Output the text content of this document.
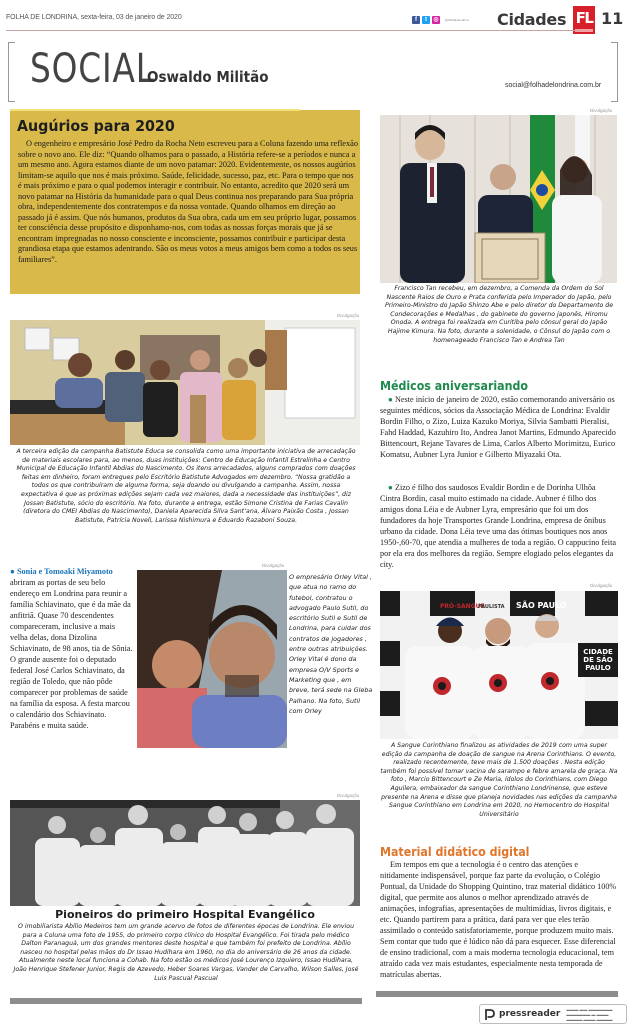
FOLHA DE LONDRINA, sexta-feira, 03 de janeiro de 2020	f	t	◎	@folhadelondrina Cidades FL 11
SOCIAL
Oswaldo Militão	social@folhadelondrina.com.br
Augúrios para 2020
O engenheiro e empresário José Pedro da Rocha Neto escreveu para a Coluna fazendo uma reflexão sobre o novo ano. Ele diz: “Quando olhamos para o passado, a História refere-se a períodos e nunca a um mesmo ano. Agora estamos diante de um novo patamar: 2020. Evidentemente, os nossos augúrios limitam-se aquilo que nos é mais próximo. Saúde, felicidade, sucesso, paz, etc. Para o tempo que nos é mais próximo e para o qual podemos interagir e contribuir. No entanto, acredito que 2020 será um novo patamar na História da humanidade para o qual Deus continua nos preparando para Sua própria obra, independentemente dos contratempos e da nossa vontade. Quando olhamos em direção ao passado já é assim. Que nós humanos, produtos da Sua obra, cada um em seu próprio lugar, possamos ter consciência desse propósito e disponhamo-nos, com todas as nossas forças morais que já se encontram impregnadas no nosso consciente e inconsciente, possamos contribuir e participar desta grandiosa etapa que estamos adentrando. São os meus votos a meus amigos bem como a todos os seus familiares”.
Divulgação
A terceira edição da campanha Batistute Educa se consolida como uma importante iniciativa de arrecadação de materiais escolares para, ao menos, duas instituições: Centro de Educação Infantil Estrelinha e Centro Municipal de Educação Infantil Abdias do Nascimento. Os itens arrecadados, alguns comprados com doações feitas em dinheiro, foram entregues pelo Escritório Batistute Advogados em dezembro. “Nossa gratidão a todos os que contribuíram de alguma forma, seja doando ou divulgando a campanha. Assim, nossa expectativa é que as próximas edições sejam cada vez maiores, dada a necessidade das instituições”, diz Jossan Batistute, sócio do escritório. Na foto, durante a entrega, estão Simone Cristina de Farias Cavalin (diretora do CMEI Abdias do Nascimento), Daniela Aparecida Silva Sant’ana, Álvaro Paixão Costa , Jossan Batistute, Patrícia Noveli, Larissa Nishimura e Eduardo Razaboni Souza.
● Sonia e Tomoaki Miyamoto abriram as portas de seu belo endereço em Londrina para reunir a família Schiavinato, que é da mãe da anfitriã. Quase 70 descendentes compareceram, inclusive a mais velha delas, dona Dizolina Schiavinato, de 98 anos, tia de Sônia. O grande ausente foi o deputado federal José Carlos Schiavinato, da região de Toledo, que não pôde comparecer por problemas de saúde na família da esposa. A festa marcou o calendário dos Schiavinato. Parabéns e muita saúde.
Divulgação
O empresário Orley Vital , que atua no ramo do futebol, contratou o advogado Paulo Sutil, do escritório Sutil e Sutil de Londrina, para cuidar dos contratos de jogadores , entre outras atribuições. Orley Vital é dono da empresa O/V Sports e Marketing que , em breve, terá sede na Gleba Palhano. Na foto, Sutil com Orley
Divulgação
Pioneiros do primeiro Hospital Evangélico
O imobiliarista Abílio Medeiros tem um grande acervo de fotos de diferentes épocas de Londrina. Ele enviou para a Coluna uma foto de 1955, do primeiro corpo clínico do Hospital Evangélico. Foi tirada pelo médico Dalton Paranaguá, um dos grandes mentores deste hospital e que também foi prefeito de Londrina. Abílio nasceu no hospital pelas mãos do Dr Issao Hudihara em 1960, no dia do aniversário de 26 anos da cidade. Atualmente neste local funciona a Cohab. Na foto estão os médicos José Lourenço Izquiero, Issao Hudihara, João Henrique Stefener Junior, Regis de Azevedo, Heber Soares Vargas, Vander de Carvalho, Wilson Salles, José Luis Pascual Pascual
Divulgação
Francisco Tan recebeu, em dezembro, a Comenda da Ordem do Sol Nascente Raios de Ouro e Prata conferida pelo Imperador do Japão, pelo Primeiro-Ministro do Japão Shinzo Abe e pelo diretor do Departamento de Condecorações e Medalhas , do gabinete do governo japonês, Hiromu Onoda. A entrega foi realizada em Curitiba pelo cônsul geral do Japão Hajime Kimura. Na foto, durante a solenidade, o Cônsul do Japão com o homenageado Francisco Tan e Andrea Tan
Médicos aniversariando
● Neste início de janeiro de 2020, estão comemorando aniversário os seguintes médicos, sócios da Associação Médica de Londrina: Evaldir Bordin Filho, o Zizo, Luiza Kazuko Moriya, Silvia Sambatti Pieralisi, Fahd Haddad, Kazuhiro Ito, Andrea Janot Martins, Edmundo Aparecido Bittencourt, Rejane Tavares de Lima, Carlos Alberto Morimitzu, Eurico Komatsu, Aubner Lyra Junior e Gilberto Miyazaki Ota.
● Zizo é filho dos saudosos Evaldir Bordin e de Dorinha Ulhôa Cintra Bordin, casal muito estimado na cidade. Aubner é filho dos amigos dona Léia e de Aubner Lyra, empresário que foi um dos fundadores da hoje Transportes Grande Londrina, empresa de ônibus urbano da cidade. Dona Léia teve uma das ótimas boutiques nos anos 1950-,60-70, que atendia a mulheres de toda a região. O cappucino feita por ela era dos melhores da região. Sempre elogiado pelos elegantes da city.
Divulgação
PRÓ-SANGUE	SÃO PAULO
PAULISTA
CIDADE DE SÃO PAULO
A Sangue Corinthiano finalizou as atividades de 2019 com uma super edição da campanha de doação de sangue na Arena Corinthians. O evento, realizado recentemente, teve mais de 1.500 doações . Nesta edição também foi possível tomar vacina de sarampo e febre amarela de graça. Na foto , Marcio Bittencourt e Ze Maria, ídolos do Corinthians, com Diego Aguilera, embaixador da sangue Corinthiano Londrinense, que esteve presente na Arena e disse que planeja novidades nas edições da campanha Sangue Corinthiano em Londrina em 2020, no Hemocentro do Hospital Universitário
Material didático digital
Em tempos em que a tecnologia é o centro das atenções e nitidamente indispensável, porque faz parte da evolução, o Colégio Pontual, da Unidade do Shopping Quintino, traz material didático 100% digital, que permite aos alunos o melhor aprendizado através de animações, infografias, apresentações de multimídias, livros digitais, e etc. Quando partirem para a prática, dará para ver que eles terão assimilado o conteúdo satisfatoriamente, porque produzem muito mais. Sem contar que tudo que é lúdico não dá para esquecer. Esse diferencial de ensino tradicional, com a mais moderna tecnologia educacional, tem atraído cada vez mais estudantes, especialmente nesta temporada de matrículas abertas.
pressreader ▬▬▬ ▬▬ ▬▬▬▬▬▬
▬▬▬▬▬▬ ▬ ▬▬▬
▬▬▬▬ ▬▬▬ ▬▬▬▬
